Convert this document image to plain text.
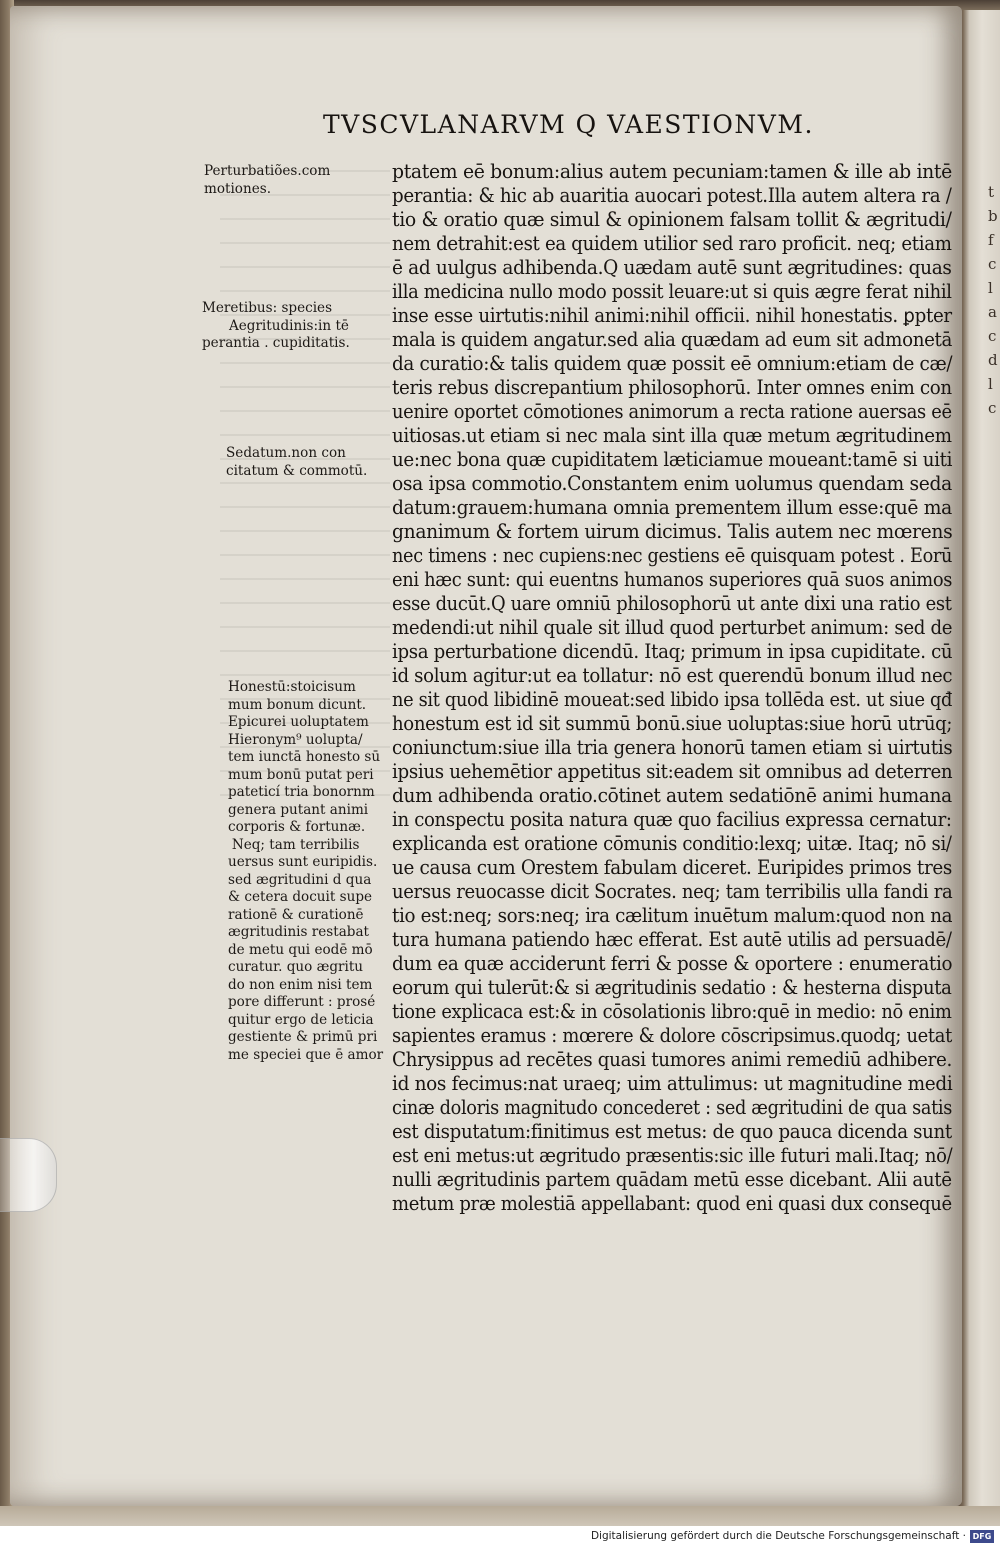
TVSCVLANARVM Q VAESTIONVM.
Perturbatiões.com
motiones.
Meretibus: species
Aegritudinis:in tē
perantia . cupiditatis.
Sedatum.non con
citatum & commotū.
Honestū:stoicisum
mum bonum dicunt.
Epicurei uoluptatem
Hieronym⁹ uolupta/
tem iunctā honesto sū
mum bonū putat peri
pateticí tria bonornm
genera putant animi
corporis & fortunæ.
Neq; tam terribilis
uersus sunt euripidis.
sed ægritudini d qua
& cetera docuit supe
rationē & curationē
ægritudinis restabat
de metu qui eodē mō
curatur. quo ægritu
do non enim nisi tem
pore differunt : prosé
quitur ergo de leticia
gestiente & primū pri
me speciei que ē amor
ptatem eē bonum:alius autem pecuniam:tamen & ille ab intē
perantia: & hic ab auaritia auocari potest.Illa autem altera ra /
tio & oratio quæ simul & opinionem falsam tollit & ægritudi/
nem detrahit:est ea quidem utilior sed raro proficit. neq; etiam
ē ad uulgus adhibenda.Q uædam autē sunt ægritudines: quas
illa medicina nullo modo possit leuare:ut si quis ægre ferat nihil
inse esse uirtutis:nihil animi:nihil officii. nihil honestatis. ꝑpter
mala is quidem angatur.sed alia quædam ad eum sit admonetā
da curatio:& talis quidem quæ possit eē omnium:etiam de cæ/
teris rebus discrepantium philosophorū. Inter omnes enim con
uenire oportet cōmotiones animorum a recta ratione auersas eē
uitiosas.ut etiam si nec mala sint illa quæ metum ægritudinem
ue:nec bona quæ cupiditatem læticiamue moueant:tamē si uiti
osa ipsa commotio.Constantem enim uolumus quendam seda
datum:grauem:humana omnia prementem illum esse:quē ma
gnanimum & fortem uirum dicimus. Talis autem nec mœrens
nec timens : nec cupiens:nec gestiens eē quisquam potest . Eorū
eni hæc sunt: qui euentns humanos superiores quā suos animos
esse ducūt.Q uare omniū philosophorū ut ante dixi una ratio est
medendi:ut nihil quale sit illud quod perturbet animum: sed de
ipsa perturbatione dicendū. Itaq; primum in ipsa cupiditate. cū
id solum agitur:ut ea tollatur: nō est querendū bonum illud nec
ne sit quod libidinē moueat:sed libido ipsa tollēda est. ut siue qđ
honestum est id sit summū bonū.siue uoluptas:siue horū utrūq;
coniunctum:siue illa tria genera honorū tamen etiam si uirtutis
ipsius uehemētior appetitus sit:eadem sit omnibus ad deterren
dum adhibenda oratio.cōtinet autem sedatiōnē animi humana
in conspectu posita natura quæ quo facilius expressa cernatur:
explicanda est oratione cōmunis conditio:lexq; uitæ. Itaq; nō si/
ue causa cum Orestem fabulam diceret. Euripides primos tres
uersus reuocasse dicit Socrates. neq; tam terribilis ulla fandi ra
tio est:neq; sors:neq; ira cælitum inuētum malum:quod non na
tura humana patiendo hæc efferat. Est autē utilis ad persuadē/
dum ea quæ acciderunt ferri & posse & oportere : enumeratio
eorum qui tulerūt:& si ægritudinis sedatio : & hesterna disputa
tione explicaca est:& in cōsolationis libro:quē in medio: nō enim
sapientes eramus : mœrere & dolore cōscripsimus.quodq; uetat
Chrysippus ad recētes quasi tumores animi remediū adhibere.
id nos fecimus:nat uraeq; uim attulimus: ut magnitudine medi
cinæ doloris magnitudo concederet : sed ægritudini de qua satis
est disputatum:finitimus est metus: de quo pauca dicenda sunt
est eni metus:ut ægritudo præsentis:sic ille futuri mali.Itaq; nō/
nulli ægritudinis partem quādam metū esse dicebant. Alii autē
metum præ molestiā appellabant: quod eni quasi dux consequē
t
b
f
c
l
a
c
d
l
c
Digitalisierung gefördert durch die Deutsche Forschungsgemeinschaft · DFG
